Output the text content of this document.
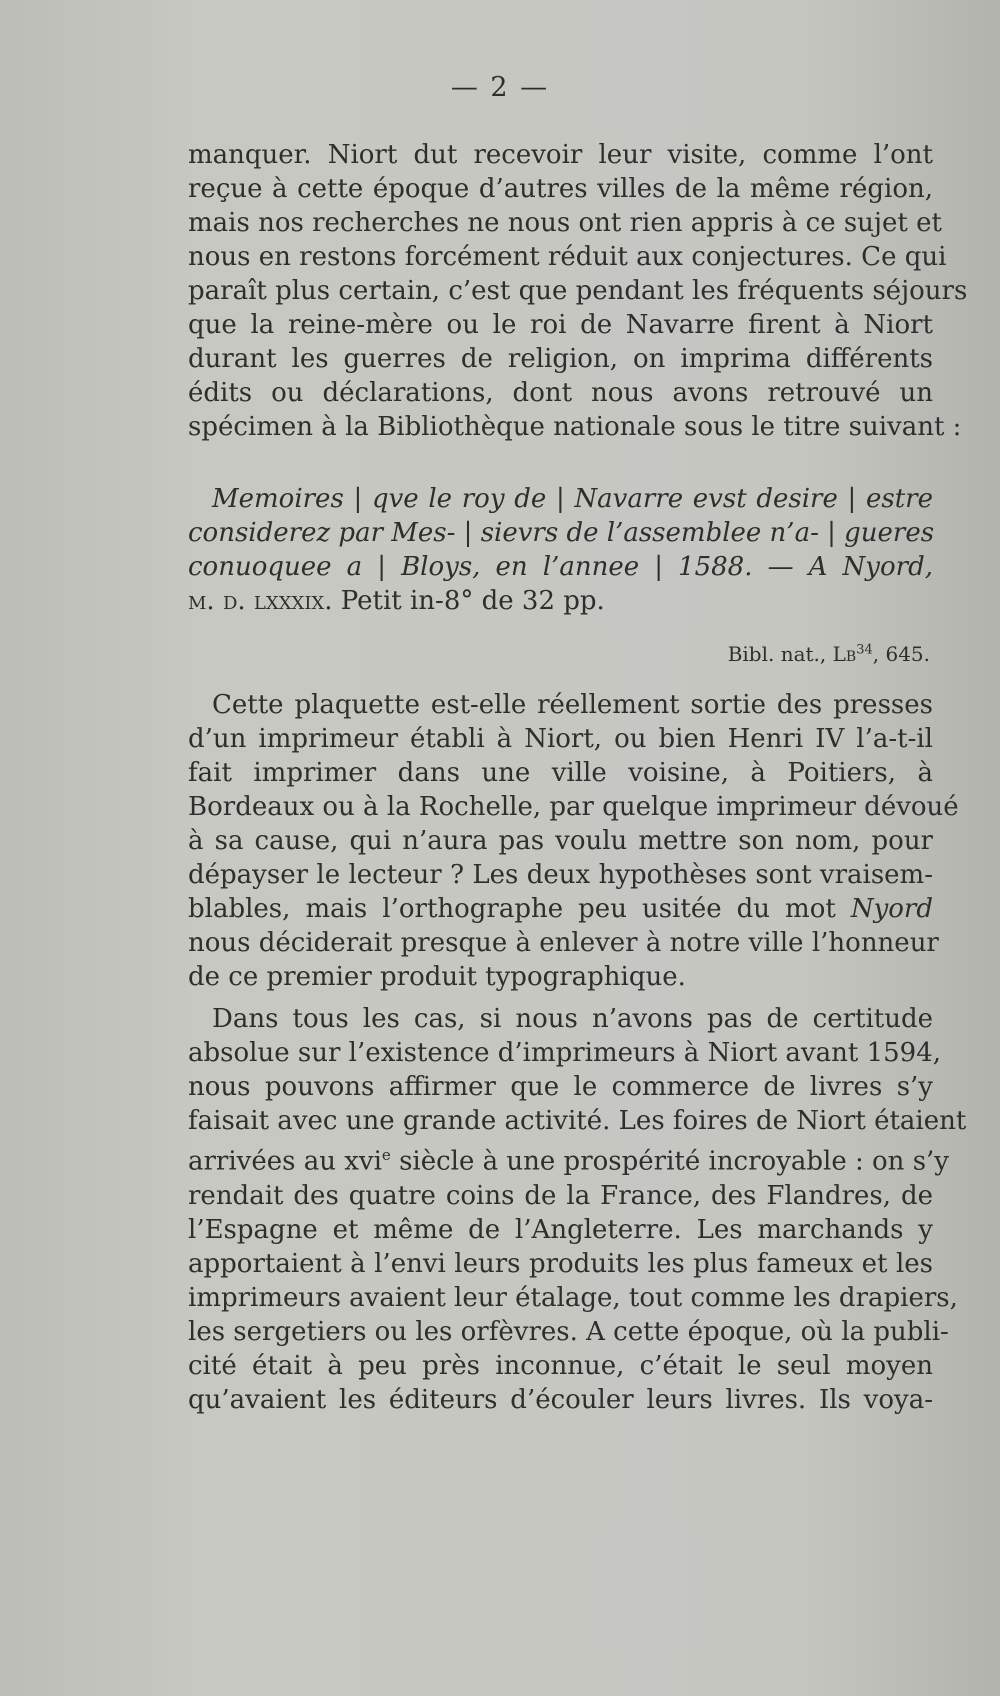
— 2 —
manquer. Niort dut recevoir leur visite, comme l’ont
reçue à cette époque d’autres villes de la même région,
mais nos recherches ne nous ont rien appris à ce sujet et
nous en restons forcément réduit aux conjectures. Ce qui
paraît plus certain, c’est que pendant les fréquents séjours
que la reine-mère ou le roi de Navarre firent à Niort
durant les guerres de religion, on imprima différents
édits ou déclarations, dont nous avons retrouvé un
spécimen à la Bibliothèque nationale sous le titre suivant :
Memoires | qve le roy de | Navarre evst desire | estre
considerez par Mes- | sievrs de l’assemblee n’a- | gueres
conuoquee a | Bloys, en l’annee | 1588. — A Nyord,
m. d. lxxxix. Petit in-8° de 32 pp.
Bibl. nat., Lb$^{34}$, 645.
Cette plaquette est-elle réellement sortie des presses
d’un imprimeur établi à Niort, ou bien Henri IV l’a-t-il
fait imprimer dans une ville voisine, à Poitiers, à
Bordeaux ou à la Rochelle, par quelque imprimeur dévoué
à sa cause, qui n’aura pas voulu mettre son nom, pour
dépayser le lecteur ? Les deux hypothèses sont vraisem-
blables, mais l’orthographe peu usitée du mot Nyord
nous déciderait presque à enlever à notre ville l’honneur
de ce premier produit typographique.
Dans tous les cas, si nous n’avons pas de certitude
absolue sur l’existence d’imprimeurs à Niort avant 1594,
nous pouvons affirmer que le commerce de livres s’y
faisait avec une grande activité. Les foires de Niort étaient
arrivées au xvi$^e$ siècle à une prospérité incroyable : on s’y
rendait des quatre coins de la France, des Flandres, de
l’Espagne et même de l’Angleterre. Les marchands y
apportaient à l’envi leurs produits les plus fameux et les
imprimeurs avaient leur étalage, tout comme les drapiers,
les sergetiers ou les orfèvres. A cette époque, où la publi-
cité était à peu près inconnue, c’était le seul moyen
qu’avaient les éditeurs d’écouler leurs livres. Ils voya-
